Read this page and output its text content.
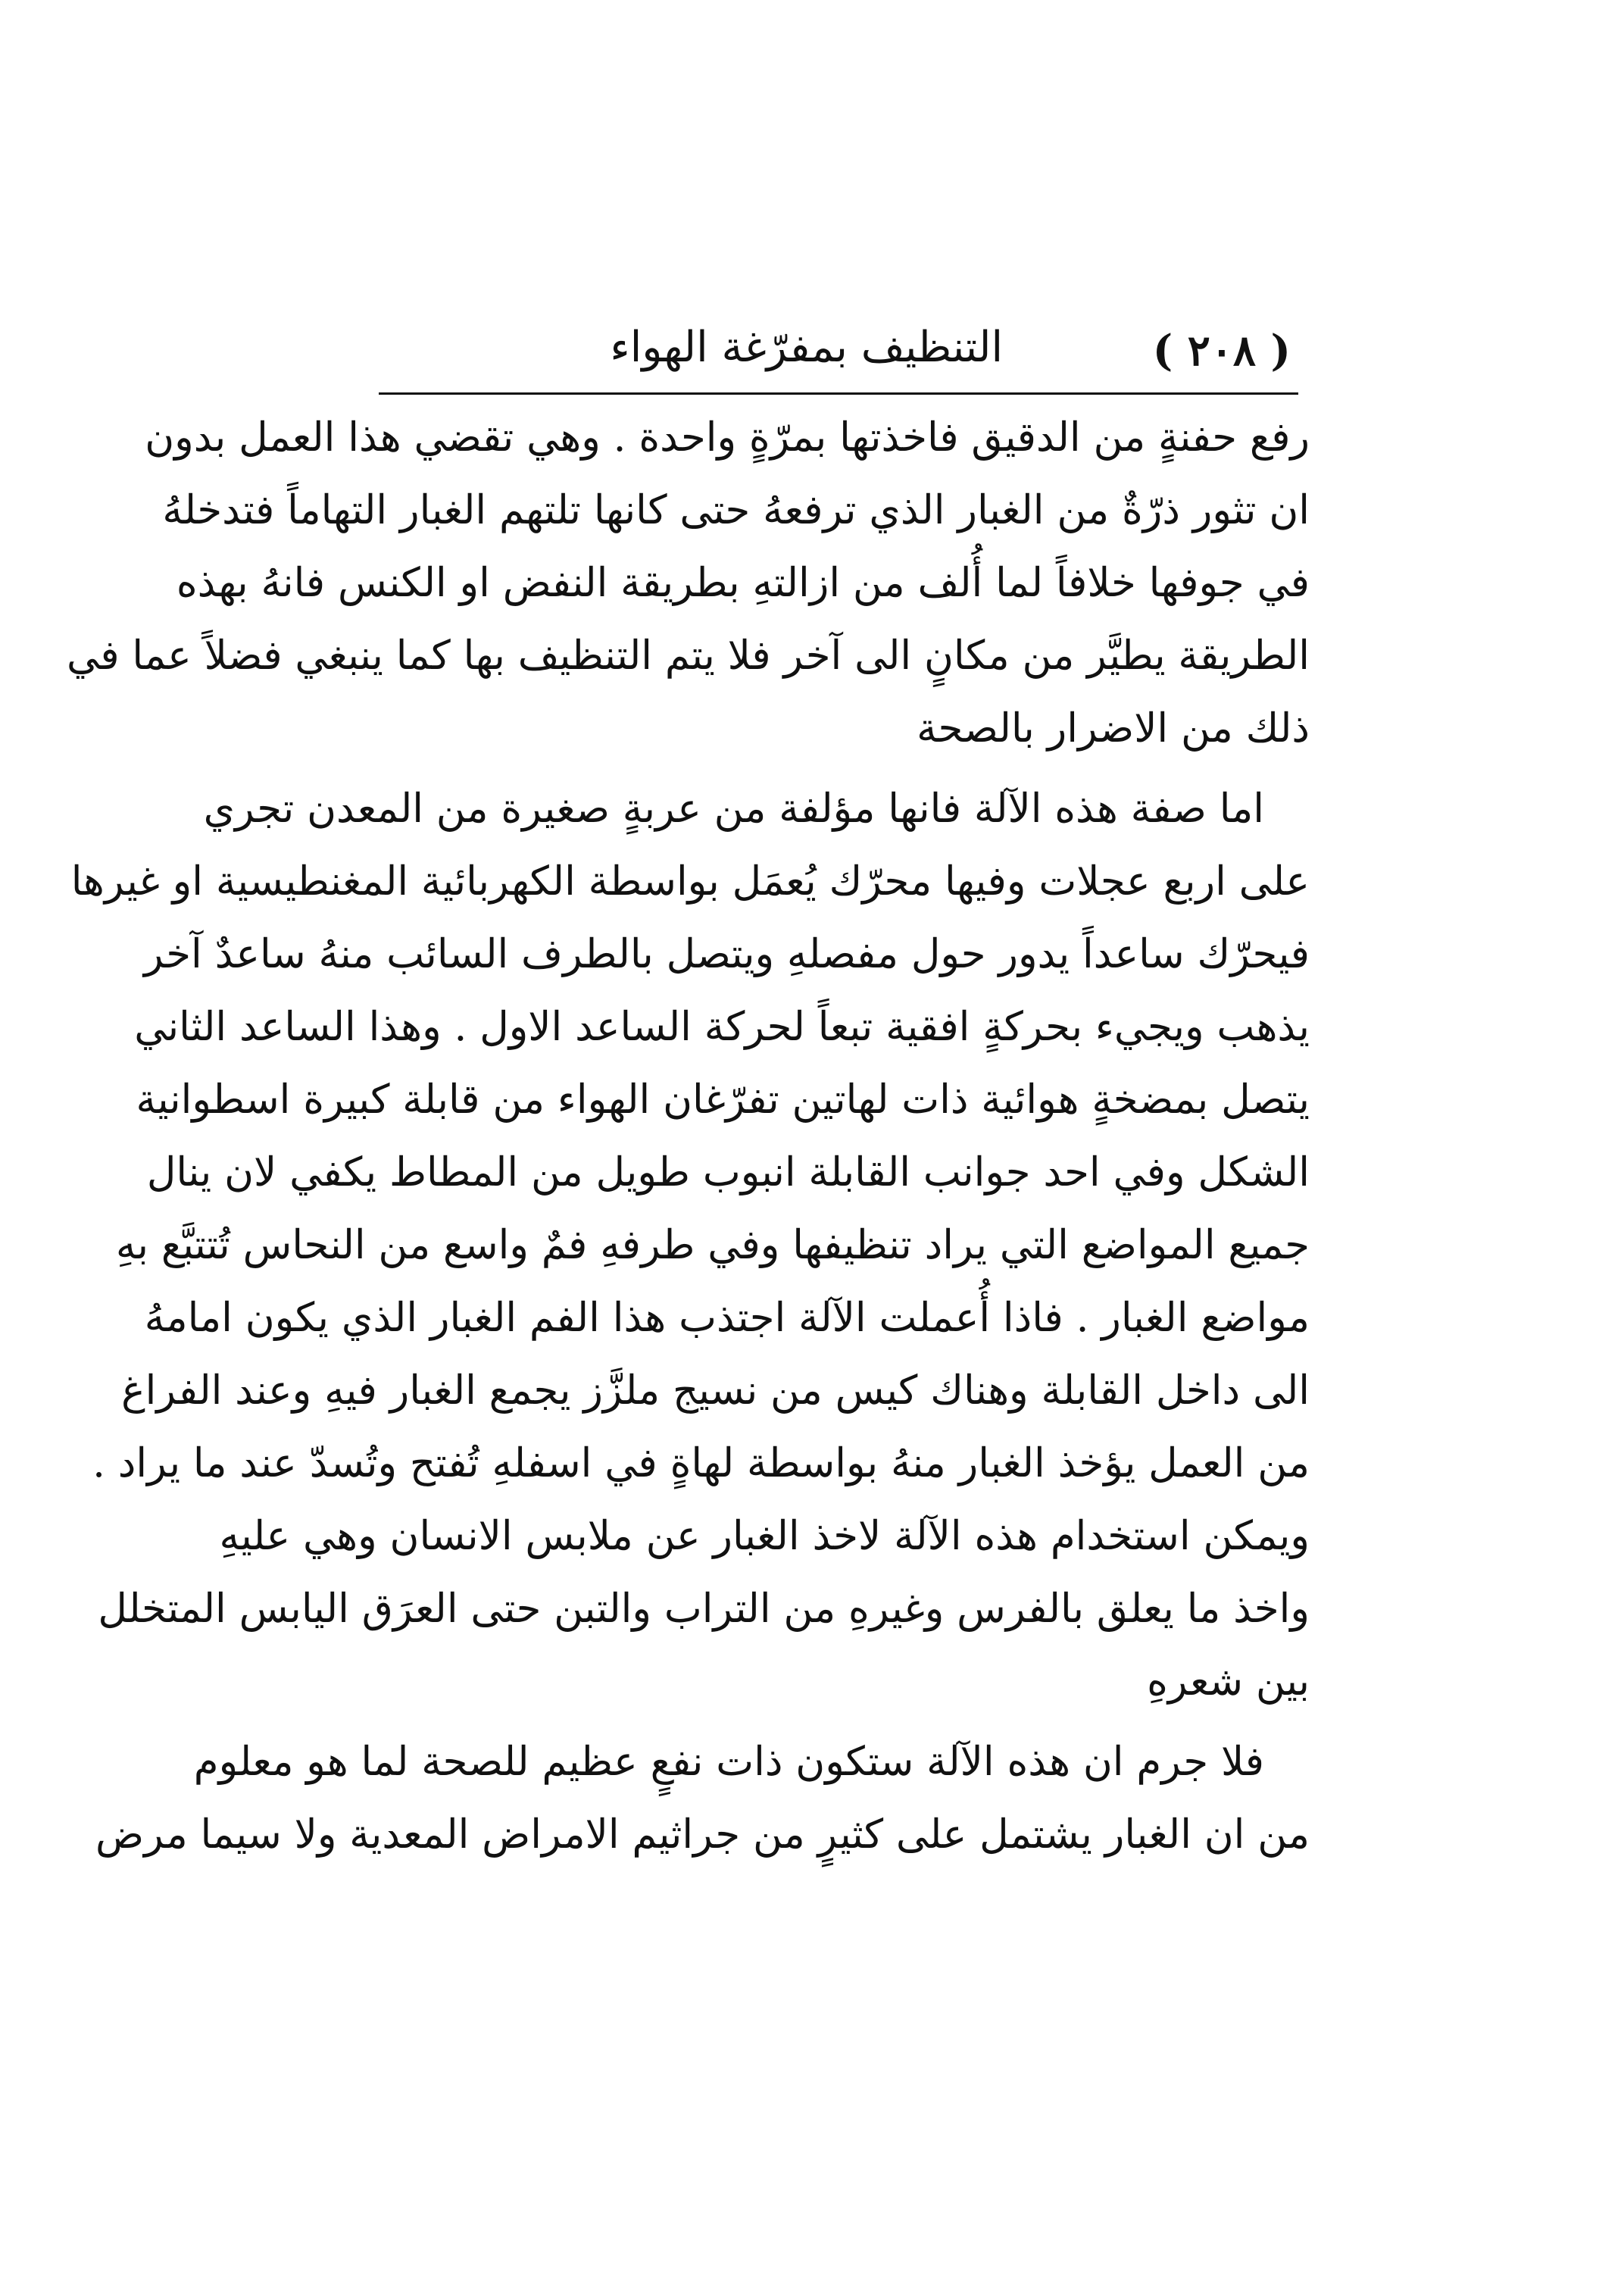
( ٢٠٨ )
التنظيف بمفرّغة الهواء
رفع حفنةٍ من الدقيق فاخذتها بمرّةٍ واحدة . وهي تقضي هذا العمل بدون
ان تثور ذرّةٌ من الغبار الذي ترفعهُ حتى كانها تلتهم الغبار التهاماً فتدخلهُ
في جوفها خلافاً لما أُلف من ازالتهِ بطريقة النفض او الكنس فانهُ بهذه
الطريقة يطيَّر من مكانٍ الى آخر فلا يتم التنظيف بها كما ينبغي فضلاً عما في
ذلك من الاضرار بالصحة
اما صفة هذه الآلة فانها مؤلفة من عربةٍ صغيرة من المعدن تجري
على اربع عجلات وفيها محرّك يُعمَل بواسطة الكهربائية المغنطيسية او غيرها
فيحرّك ساعداً يدور حول مفصلهِ ويتصل بالطرف السائب منهُ ساعدٌ آخر
يذهب ويجيء بحركةٍ افقية تبعاً لحركة الساعد الاول . وهذا الساعد الثاني
يتصل بمضخةٍ هوائية ذات لهاتين تفرّغان الهواء من قابلة كبيرة اسطوانية
الشكل وفي احد جوانب القابلة انبوب طويل من المطاط يكفي لان ينال
جميع المواضع التي يراد تنظيفها وفي طرفهِ فمٌ واسع من النحاس تُتتبَّع بهِ
مواضع الغبار . فاذا أُعملت الآلة اجتذب هذا الفم الغبار الذي يكون امامهُ
الى داخل القابلة وهناك كيس من نسيج ملزَّز يجمع الغبار فيهِ وعند الفراغ
من العمل يؤخذ الغبار منهُ بواسطة لهاةٍ في اسفلهِ تُفتح وتُسدّ عند ما يراد .
ويمكن استخدام هذه الآلة لاخذ الغبار عن ملابس الانسان وهي عليهِ
واخذ ما يعلق بالفرس وغيرهِ من التراب والتبن حتى العرَق اليابس المتخلل
بين شعرهِ
فلا جرم ان هذه الآلة ستكون ذات نفعٍ عظيم للصحة لما هو معلوم
من ان الغبار يشتمل على كثيرٍ من جراثيم الامراض المعدية ولا سيما مرض
